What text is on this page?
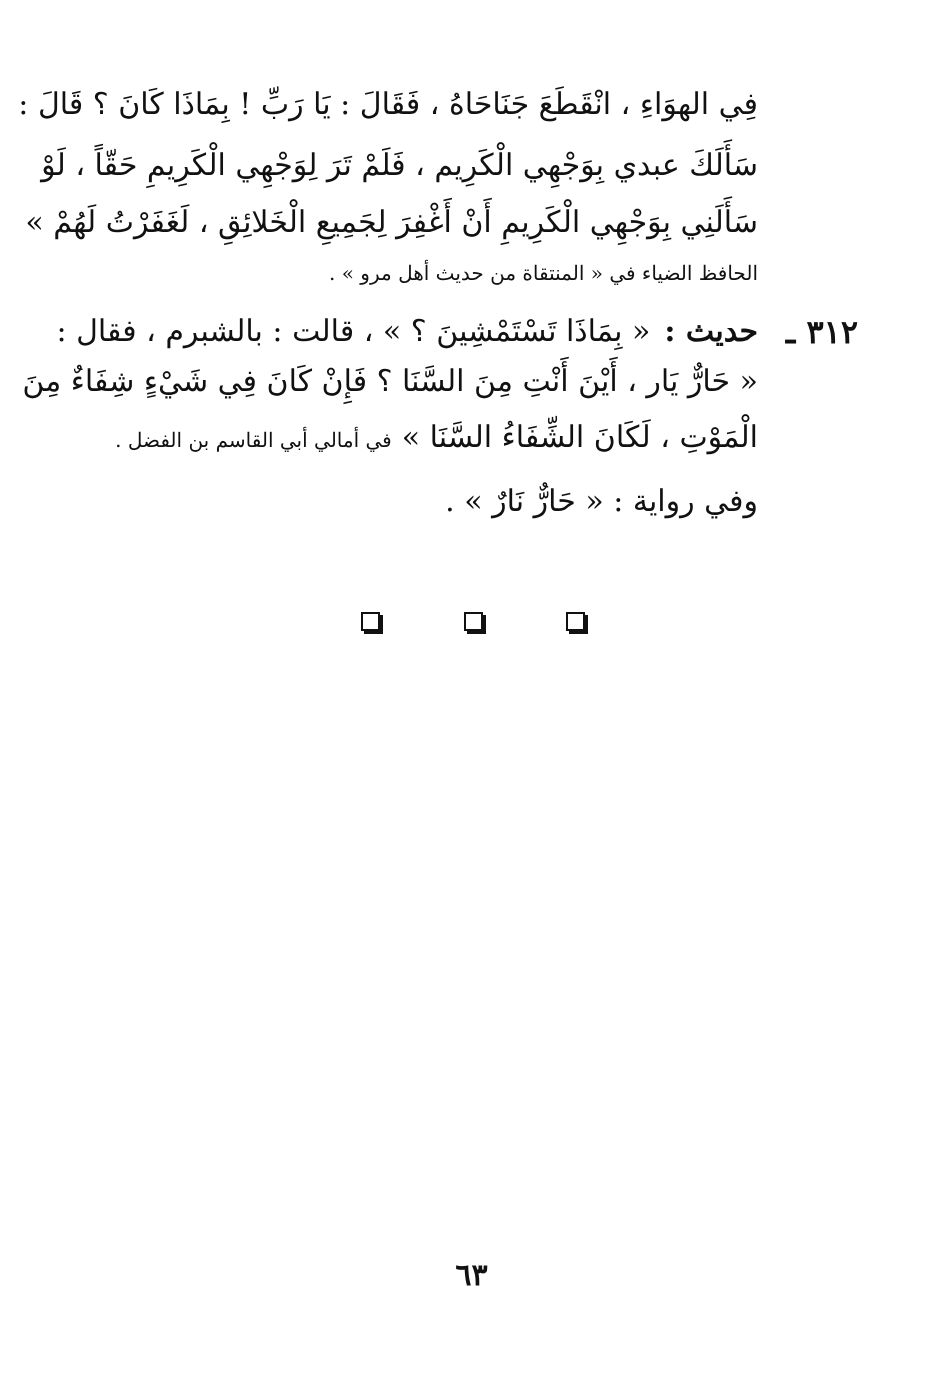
فِي الهوَاءِ ، انْقَطَعَ جَنَاحَاهُ ، فَقَالَ : يَا رَبِّ ! بِمَاذَا كَانَ ؟ قَالَ :
سَأَلَكَ عبدي بِوَجْهِي الْكَرِيم ، فَلَمْ تَرَ لِوَجْهِي الْكَرِيمِ حَقّاً ، لَوْ
سَأَلَنِي بِوَجْهِي الْكَرِيمِ أَنْ أَغْفِرَ لِجَمِيعِ الْخَلائِقِ ، لَغَفَرْتُ لَهُمْ »
الحافظ الضياء في « المنتقاة من حديث أهل مرو » .
٣١٢ ـ
حديث :
« بِمَاذَا تَسْتَمْشِينَ ؟ » ، قالت : بالشبرم ، فقال :
« حَارٌّ يَار ، أَيْنَ أَنْتِ مِنَ السَّنَا ؟ فَإِنْ كَانَ فِي شَيْءٍ شِفَاءٌ مِنَ
الْمَوْتِ ، لَكَانَ الشِّفَاءُ السَّنَا »
في أمالي أبي القاسم بن الفضل .
وفي رواية : « حَارٌّ نَارٌ » .
٦٣
